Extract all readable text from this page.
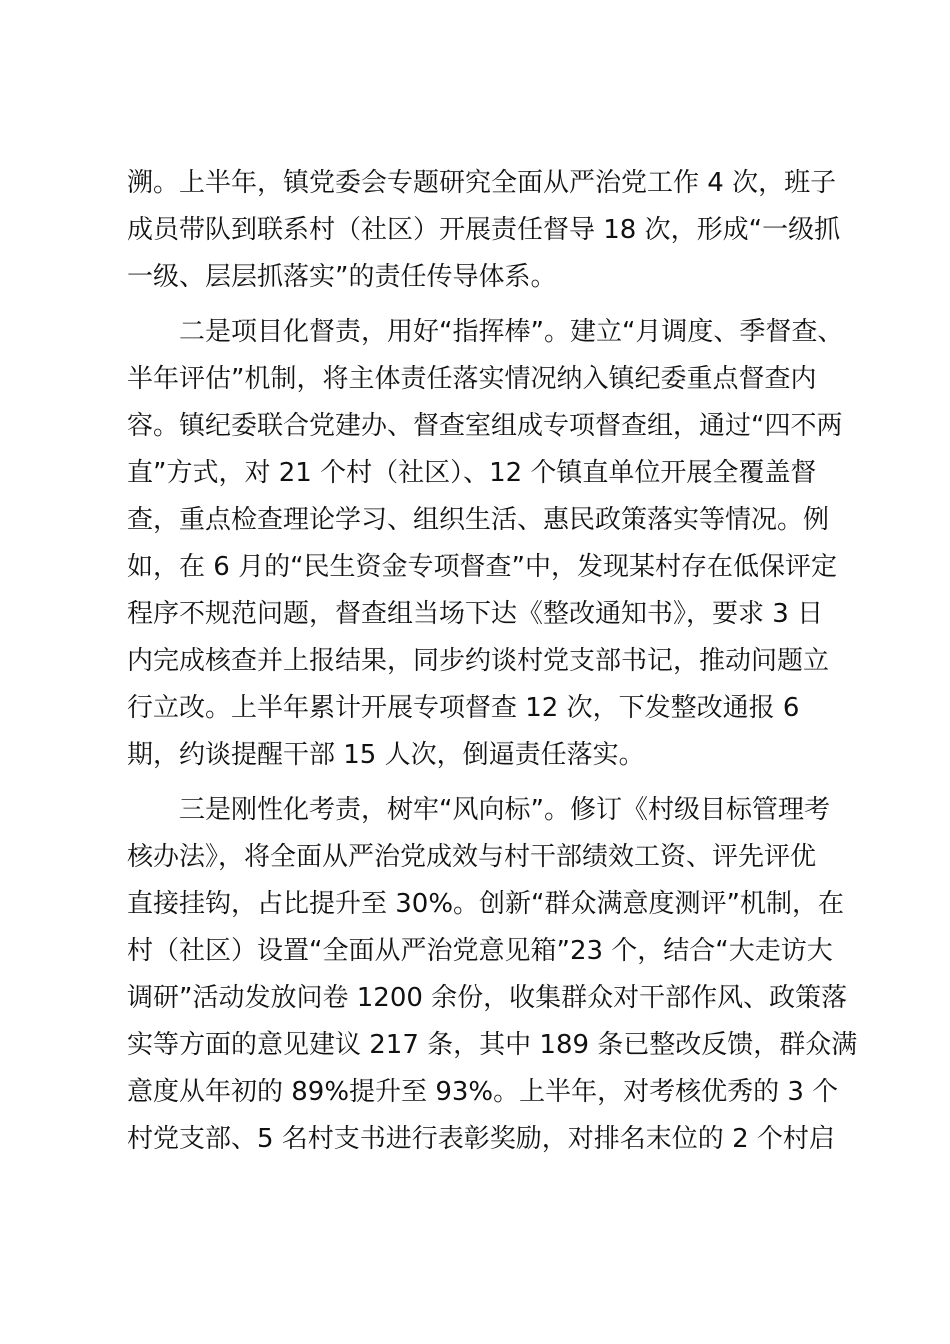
溯。上半年，镇党委会专题研究全面从严治党工作 4 次，班子
成员带队到联系村（社区）开展责任督导 18 次，形成“一级抓
一级、层层抓落实”的责任传导体系。
二是项目化督责，用好“指挥棒”。建立“月调度、季督查、
半年评估”机制，将主体责任落实情况纳入镇纪委重点督查内
容。镇纪委联合党建办、督查室组成专项督查组，通过“四不两
直”方式，对 21 个村（社区）、12 个镇直单位开展全覆盖督
查，重点检查理论学习、组织生活、惠民政策落实等情况。例
如，在 6 月的“民生资金专项督查”中，发现某村存在低保评定
程序不规范问题，督查组当场下达《整改通知书》，要求 3 日
内完成核查并上报结果，同步约谈村党支部书记，推动问题立
行立改。上半年累计开展专项督查 12 次，下发整改通报 6
期，约谈提醒干部 15 人次，倒逼责任落实。
三是刚性化考责，树牢“风向标”。修订《村级目标管理考
核办法》，将全面从严治党成效与村干部绩效工资、评先评优
直接挂钩，占比提升至 30%。创新“群众满意度测评”机制，在
村（社区）设置“全面从严治党意见箱”23 个，结合“大走访大
调研”活动发放问卷 1200 余份，收集群众对干部作风、政策落
实等方面的意见建议 217 条，其中 189 条已整改反馈，群众满
意度从年初的 89%提升至 93%。上半年，对考核优秀的 3 个
村党支部、5 名村支书进行表彰奖励，对排名末位的 2 个村启
